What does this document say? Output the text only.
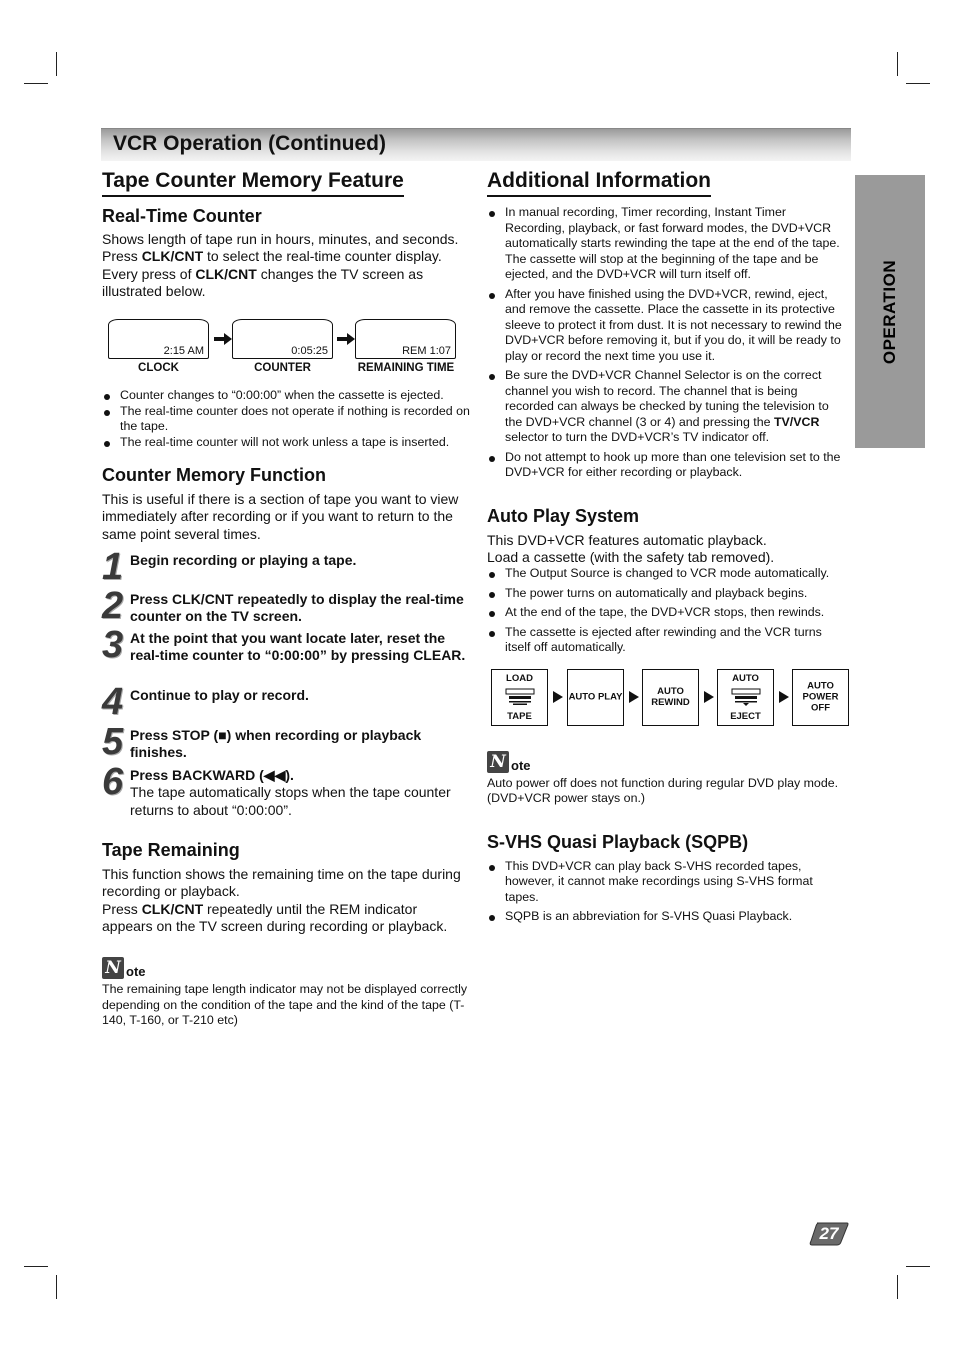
VCR Operation (Continued)
OPERATION
Tape Counter Memory Feature
Real-Time Counter

Shows length of tape run in hours, minutes, and seconds. Press CLK/CNT to select the real-time counter display.

Every press of CLK/CNT changes the TV screen as illustrated below.

2:15 AM	0:05:25	REM 1:07
CLOCK	COUNTER	REMAINING TIME
Counter changes to “0:00:00” when the cassette is ejected.
The real-time counter does not operate if nothing is recorded on the tape.
The real-time counter will not work unless a tape is inserted.
Counter Memory Function

This is useful if there is a section of tape you want to view immediately after recording or if you want to return to the same point several times.

1 Begin recording or playing a tape.
2 Press CLK/CNT repeatedly to display the real-time counter on the TV screen.
3 At the point that you want locate later, reset the real-time counter to “0:00:00” by pressing CLEAR.
4 Continue to play or record.
5 Press STOP (■) when recording or playback finishes.
6 Press BACKWARD (◀◀).
The tape automatically stops when the tape counter returns to about “0:00:00”.
Tape Remaining

This function shows the remaining time on the tape during recording or playback.

Press CLK/CNT repeatedly until the REM indicator appears on the TV screen during recording or playback.

N ote

The remaining tape length indicator may not be displayed correctly depending on the condition of the tape and the kind of the tape (T-140, T-160, or T-210 etc)

Additional Information
In manual recording, Timer recording, Instant Timer Recording, playback, or fast forward modes, the DVD+VCR automatically starts rewinding the tape at the end of the tape. The cassette will stop at the beginning of the tape and be ejected, and the DVD+VCR will turn itself off.
After you have finished using the DVD+VCR, rewind, eject, and remove the cassette. Place the cassette in its protective sleeve to protect it from dust. It is not necessary to rewind the DVD+VCR before removing it, but if you do, it will be ready to play or record the next time you use it.
Be sure the DVD+VCR Channel Selector is on the correct channel you wish to record. The channel that is being recorded can always be checked by tuning the television to the DVD+VCR channel (3 or 4) and pressing the TV/VCR selector to turn the DVD+VCR’s TV indicator off.
Do not attempt to hook up more than one television set to the DVD+VCR for either recording or playback.
Auto Play System

This DVD+VCR features automatic playback.

Load a cassette (with the safety tab removed).

The Output Source is changed to VCR mode automatically.
The power turns on automatically and playback begins.
At the end of the tape, the DVD+VCR stops, then rewinds.
The cassette is ejected after rewinding and the VCR turns itself off automatically.
LOAD
TAPE
AUTO PLAY	AUTO REWIND
AUTO
EJECT
AUTO POWER OFF
N ote

Auto power off does not function during regular DVD play mode. (DVD+VCR power stays on.)

S-VHS Quasi Playback (SQPB)
This DVD+VCR can play back S-VHS recorded tapes, however, it cannot make recordings using S-VHS format tapes.
SQPB is an abbreviation for S-VHS Quasi Playback.
27
